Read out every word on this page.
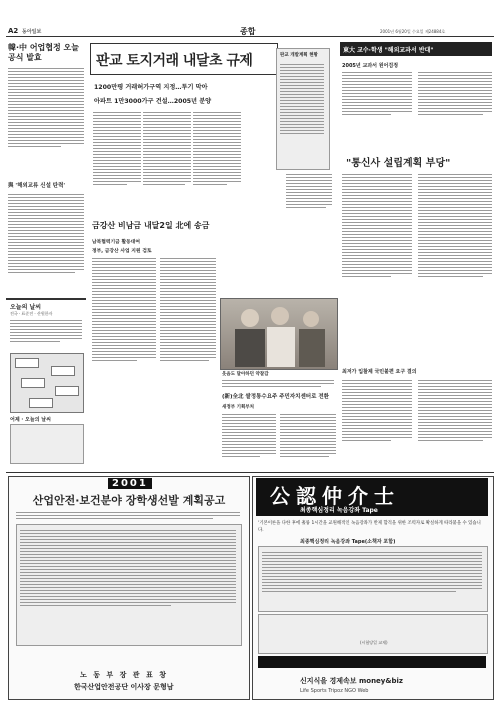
A2 동아일보	종합	2001년 6월20일 수요일 제24884호
韓·中 어업협정 오늘 공식 발효
與 '해외교류 신설 탄력'
오늘의 날씨
전국 · 표준전 · 산원한자
어제 · 오늘의 날씨
판교 토지거래 내달초 규제
1200만평 거래허가구역 지정…투기 막아
아파트 1만3000가구 건설…2005년 분양
판교 개발계획 현황
東大 교수·학생 "해외교과서 반대"
2005년 교과서 원어검정
"통신사 설립계획 부당"
최저가 입찰제 국민불편 요구 결의
금강산 비남금 내달2일 北에 송금
남북협력기금 활동대여
정부, 금강산 사업 지원 검토
웃음도 달아하던 약찰감
(新)全北 쌀정통수요주 주민자치센터로 전환
새정부 기획부처
2001
산업안전·보건분야 장학생선발 계획공고
노 동 부 장 관 표 창
한국산업안전공단 이사장 문형남
公認仲介士
최종핵심정리 녹음강좌 Tape
'기본이론을 다한 후에 훌륭 1시간을 교원해적인 녹음강좌가 반제 합격을 위한 조력자로 확실하게 따라붙을 수 있습니다.
최종핵심정리 녹음강좌 Tape(소책자 포함)
(시험당일 교재)
신지식을 경제속보 money&biz
Life Sports Tripoz NGO Web
